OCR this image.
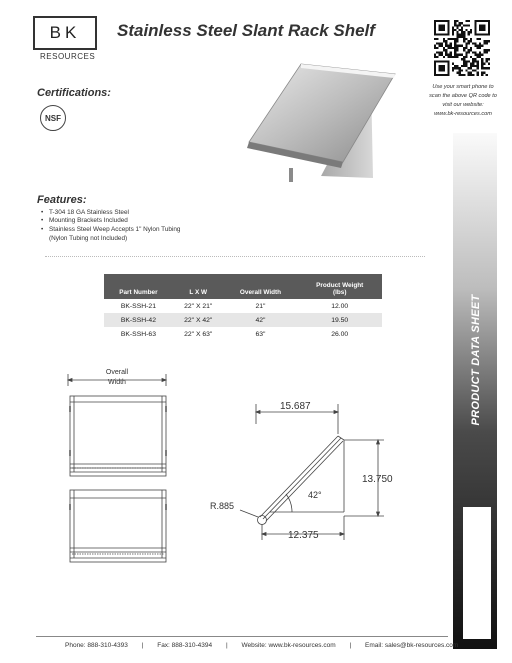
BK
RESOURCES
Stainless Steel Slant Rack Shelf
Use your smart phone to
scan the above QR code to
visit our website:
www.bk-resources.com
Certifications:
NSF
Features:
• T-304 18 GA Stainless Steel
• Mounting Brackets Included
• Stainless Steel Weep Accepts 1" Nylon Tubing
(Nylon Tubing not Included)
Part Number	L X W	Overall Width	Product Weight
(lbs)

BK-SSH-21	22" X 21"	21"	12.00
BK-SSH-42	22" X 42"	42"	19.50
BK-SSH-63	22" X 63"	63"	26.00	PRODUCT DATA SHEET
Overall
Width
15.687
13.750
42°
R.885
12.375
Phone: 888-310-4393 | Fax: 888-310-4394 | Website: www.bk-resources.com | Email: sales@bk-resources.com
